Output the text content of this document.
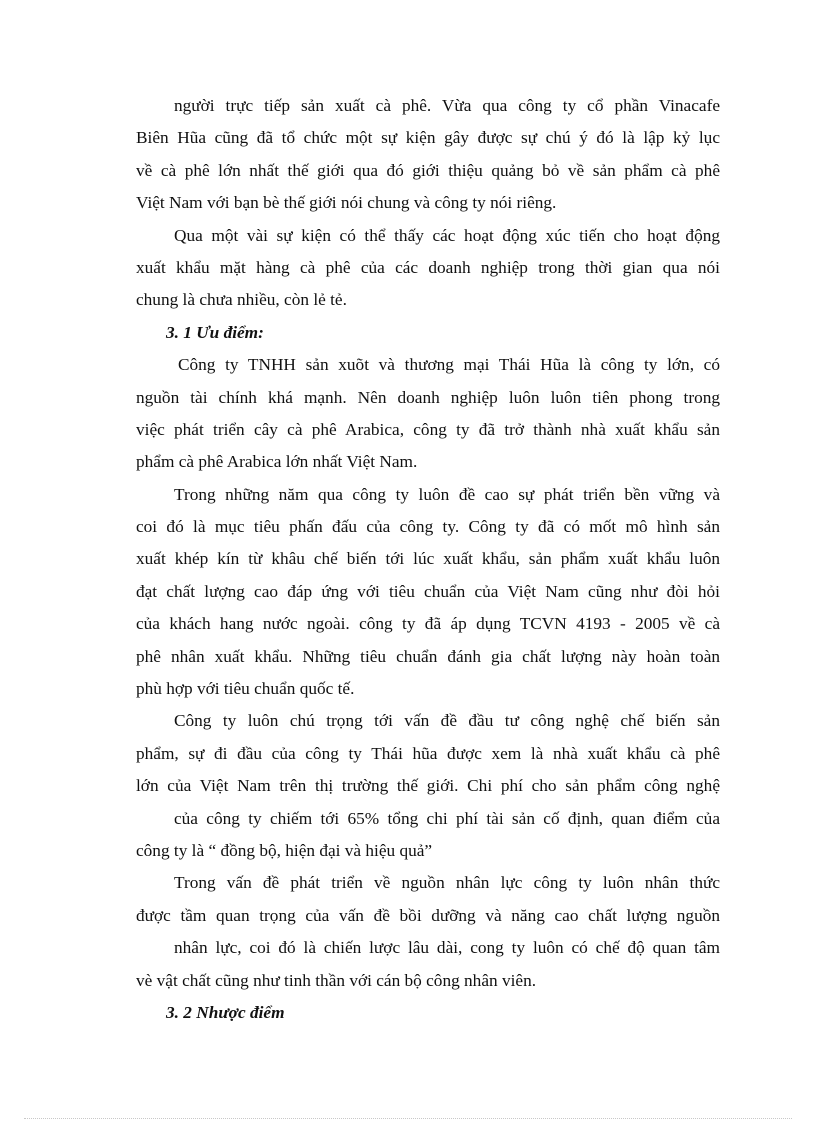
người trực tiếp sản xuất cà phê. Vừa qua công ty cổ phần Vinacafe
Biên Hũa cũng đã tổ chức một sự kiện gây được sự chú ý đó là lập kỷ lục
về cà phê lớn nhất thế giới qua đó giới thiệu quảng bỏ về sản phẩm cà phê
Việt Nam với bạn bè thế giới nói chung và công ty nói riêng.
Qua một vài sự kiện có thể thấy các hoạt động xúc tiến cho hoạt động
xuất khẩu mặt hàng cà phê của các doanh nghiệp trong thời gian qua nói
chung là chưa nhiều, còn lẻ tẻ.
3. 1 Ưu điểm:
Công ty TNHH sản xuõt và thương mại Thái Hũa là công ty lớn, có
nguồn tài chính khá mạnh. Nên doanh nghiệp luôn luôn tiên phong trong
việc phát triển cây cà phê Arabica, công ty đã trở thành nhà xuất khẩu sản
phẩm cà phê Arabica lớn nhất Việt Nam.
Trong những năm qua công ty luôn đề cao sự phát triển bền vững và
coi đó là mục tiêu phấn đấu của công ty. Công ty đã có mốt mô hình sản
xuất khép kín từ khâu chế biến tới lúc xuất khẩu, sản phẩm xuất khẩu luôn
đạt chất lượng cao đáp ứng với tiêu chuẩn của Việt Nam cũng như đòi hỏi
của khách hang nước ngoài. công ty đã áp dụng TCVN 4193 - 2005 về cà
phê nhân xuất khẩu. Những tiêu chuẩn đánh gia chất lượng này hoàn toàn
phù hợp với tiêu chuẩn quốc tế.
Công ty luôn chú trọng tới vấn đề đầu tư công nghệ chế biến sản
phẩm, sự đi đầu của công ty Thái hũa được xem là nhà xuất khẩu cà phê
lớn của Việt Nam trên thị trường thế giới. Chi phí cho sản phẩm công nghệ
của công ty chiếm tới 65% tổng chi phí tài sản cố định, quan điểm của
công ty là “ đồng bộ, hiện đại và hiệu quả”
Trong vấn đề phát triển về nguồn nhân lực công ty luôn nhân thức
được tầm quan trọng của vấn đề bồi dưỡng và năng cao chất lượng nguồn
nhân lực, coi đó là chiến lược lâu dài, cong ty luôn có chế độ quan tâm
vè vật chất cũng như tinh thần với cán bộ công nhân viên.
3. 2 Nhược điểm
